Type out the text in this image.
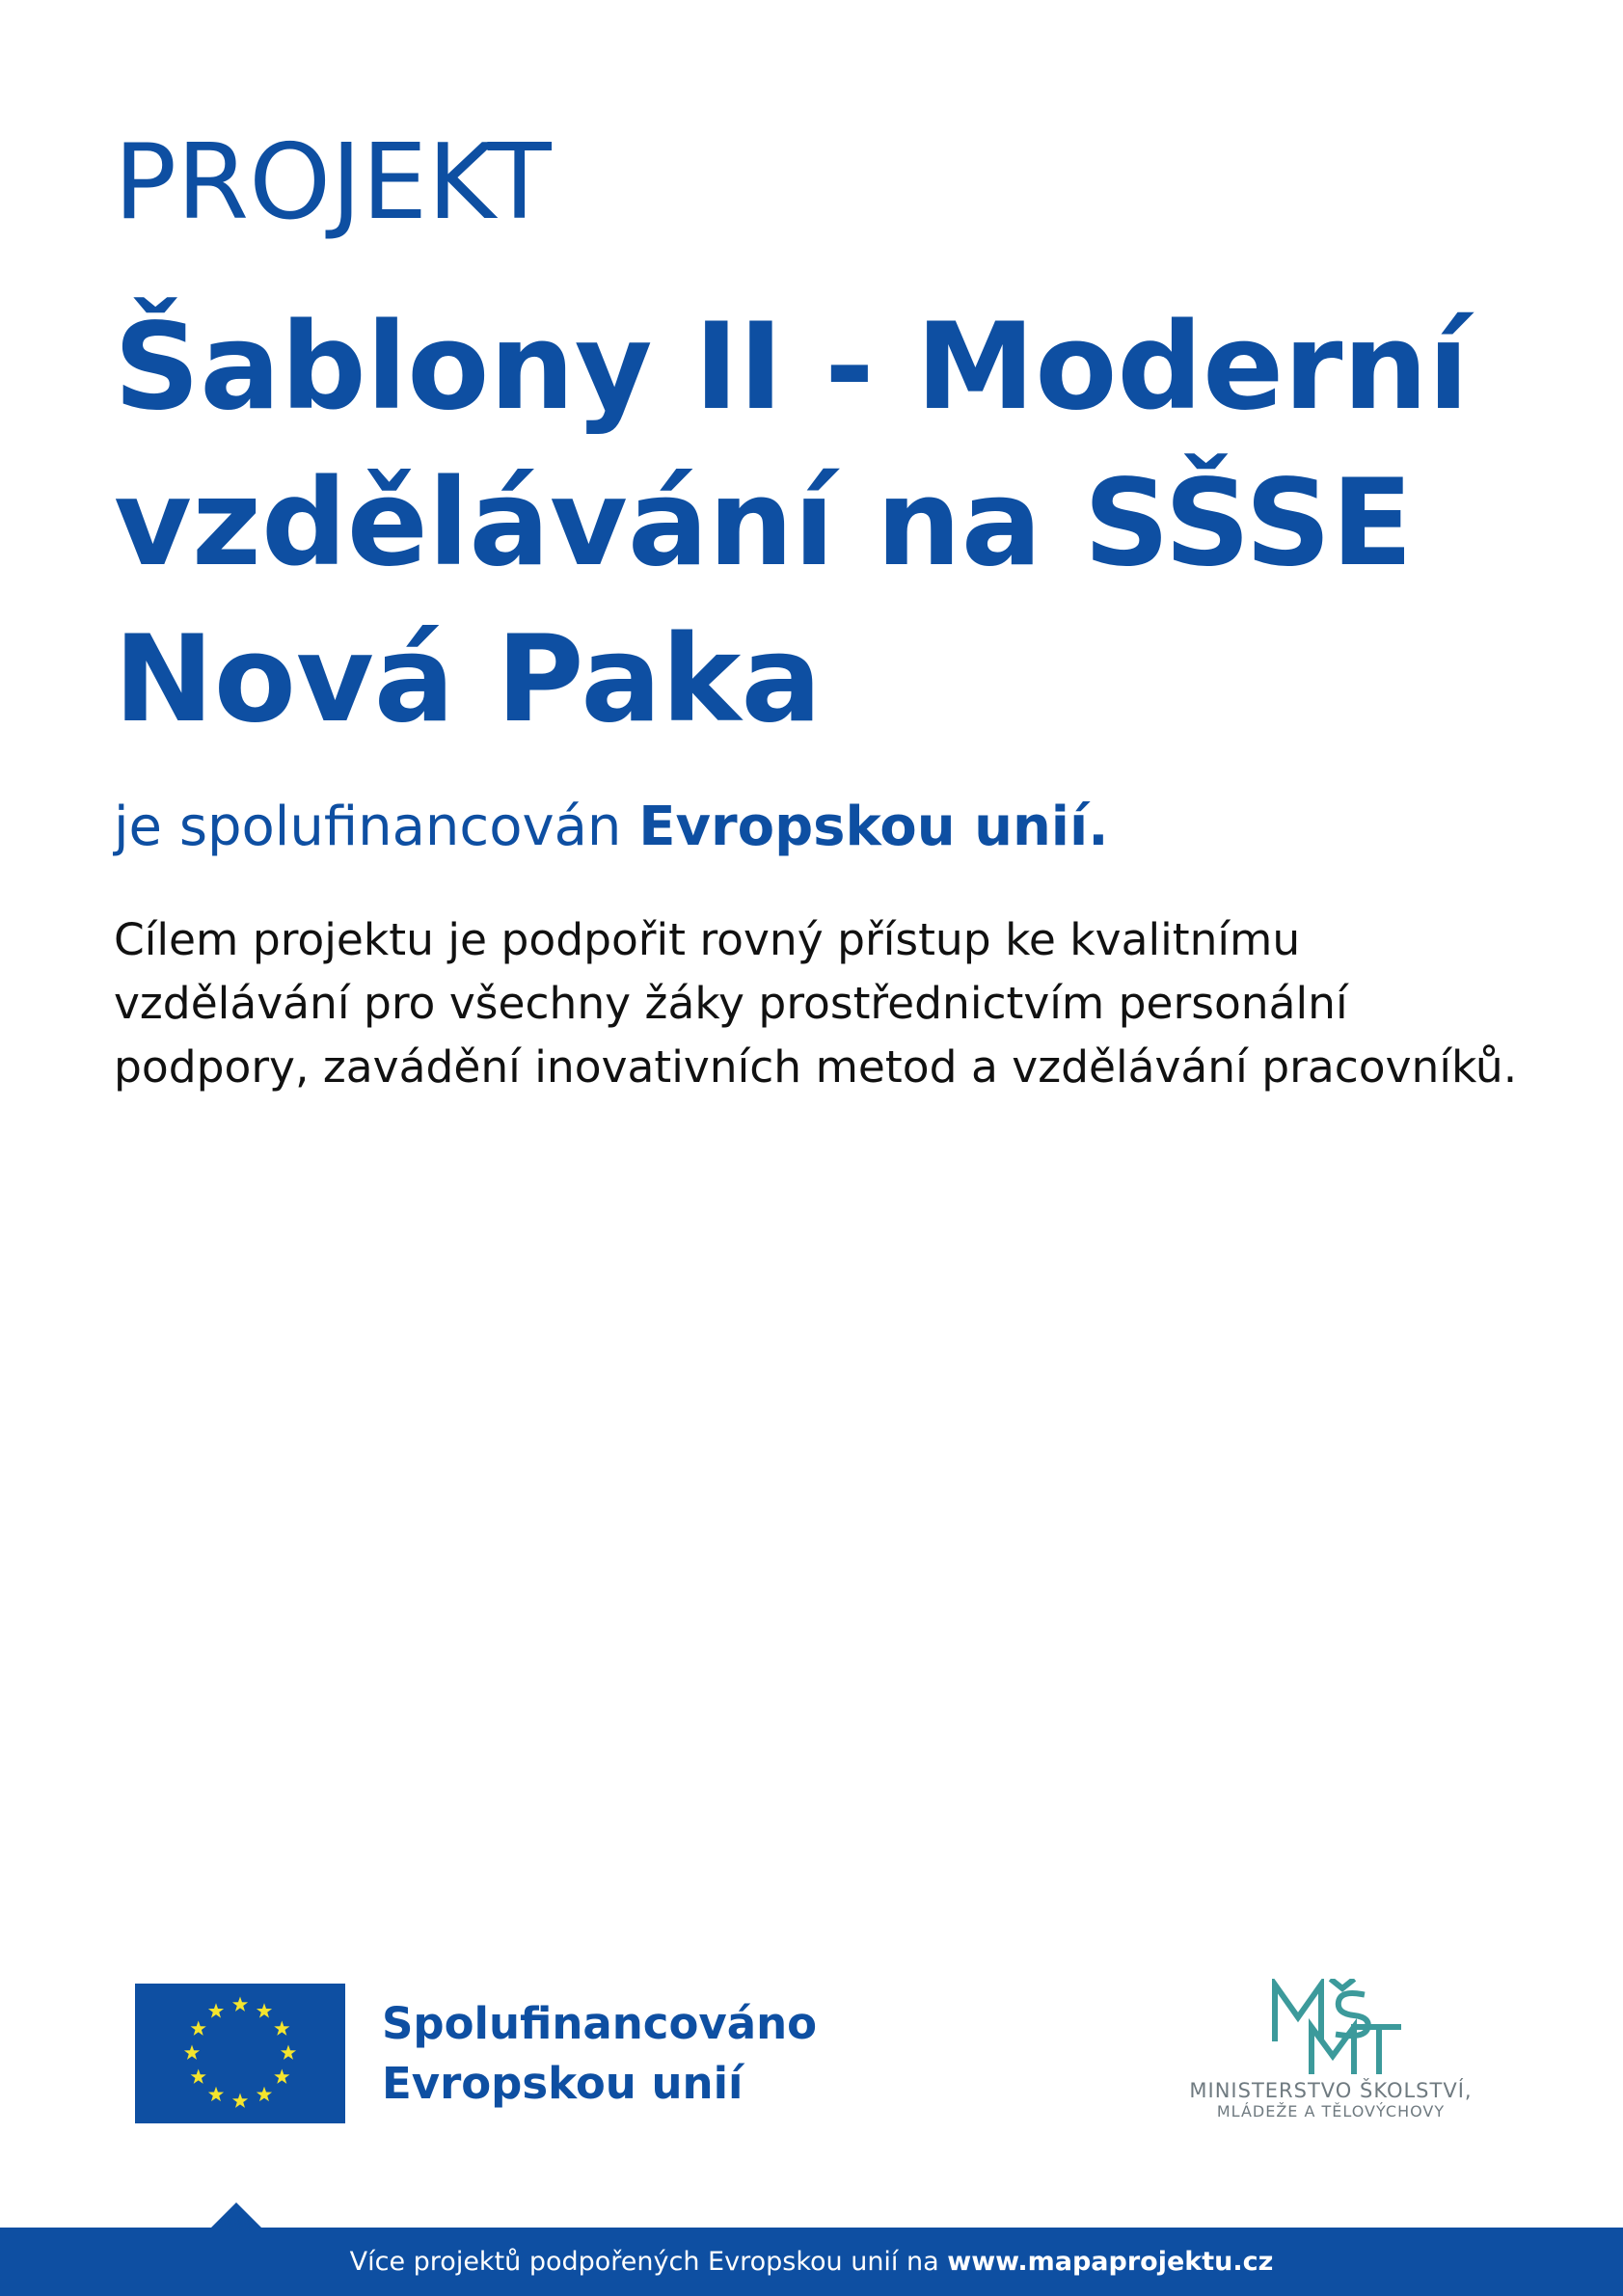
PROJEKT
Šablony II - Moderní
vzdělávání na SŠSE
Nová Paka
je spolufinancován Evropskou unií.
Cílem projektu je podpořit rovný přístup ke kvalitnímu
vzdělávání pro všechny žáky prostřednictvím personální
podpory, zavádění inovativních metod a vzdělávání pracovníků.
Spolufinancováno
Evropskou unií	MINISTERSTVO ŠKOLSTVÍ,
MLÁDEŽE A TĚLOVÝCHOVY
Více projektů podpořených Evropskou unií na www.mapaprojektu.cz
